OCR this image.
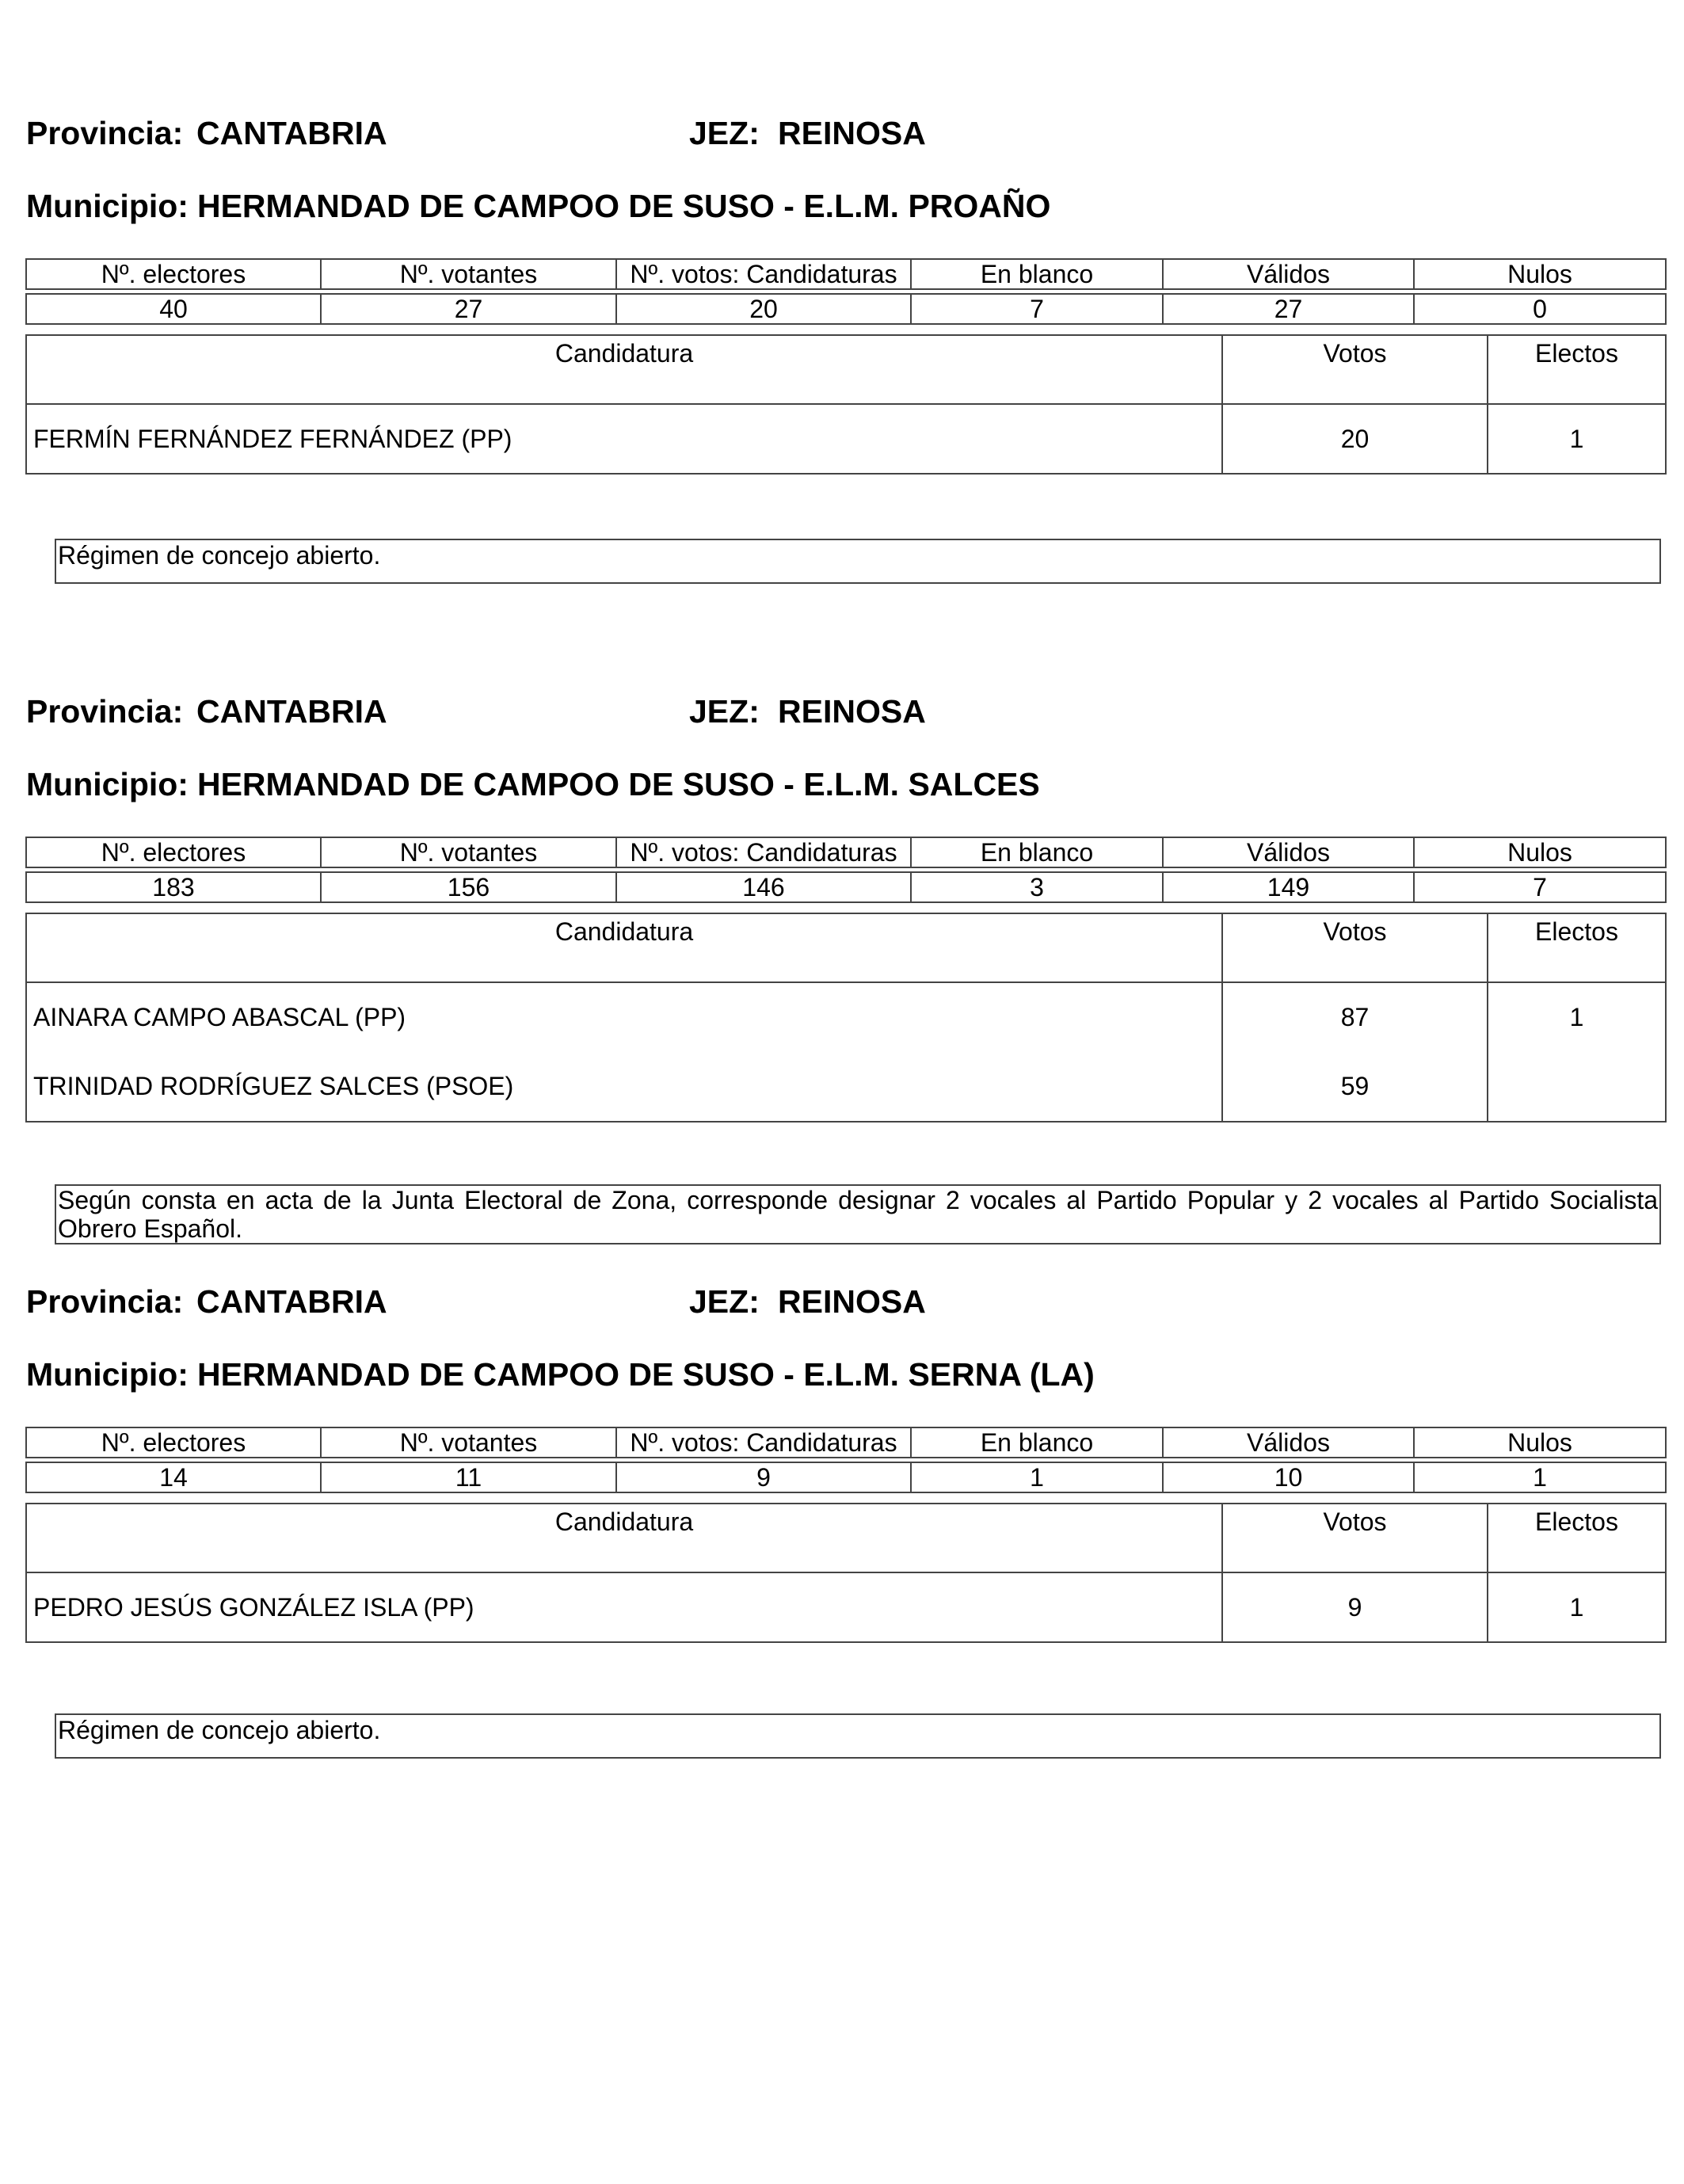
Provincia: CANTABRIA	JEZ: REINOSA
Municipio: HERMANDAD DE CAMPOO DE SUSO - E.L.M. PROAÑO
Nº. electores	Nº. votantes	Nº. votos: Candidaturas	En blanco	Válidos	Nulos

40	27	20	7	27	0
Candidatura	Votos	Electos
FERMÍN FERNÁNDEZ FERNÁNDEZ (PP)	20	1
Régimen de concejo abierto.
Provincia: CANTABRIA	JEZ: REINOSA
Municipio: HERMANDAD DE CAMPOO DE SUSO - E.L.M. SALCES
Nº. electores	Nº. votantes	Nº. votos: Candidaturas	En blanco	Válidos	Nulos

183	156	146	3	149	7
Candidatura	Votos	Electos
AINARA CAMPO ABASCAL (PP)	87	1
TRINIDAD RODRÍGUEZ SALCES (PSOE)	59	
Según consta en acta de la Junta Electoral de Zona, corresponde designar 2 vocales al Partido Popular y 2 vocales al Partido Socialista Obrero Español.
Provincia: CANTABRIA	JEZ: REINOSA
Municipio: HERMANDAD DE CAMPOO DE SUSO - E.L.M. SERNA (LA)
Nº. electores	Nº. votantes	Nº. votos: Candidaturas	En blanco	Válidos	Nulos

14	11	9	1	10	1
Candidatura	Votos	Electos
PEDRO JESÚS GONZÁLEZ ISLA (PP)	9	1
Régimen de concejo abierto.
